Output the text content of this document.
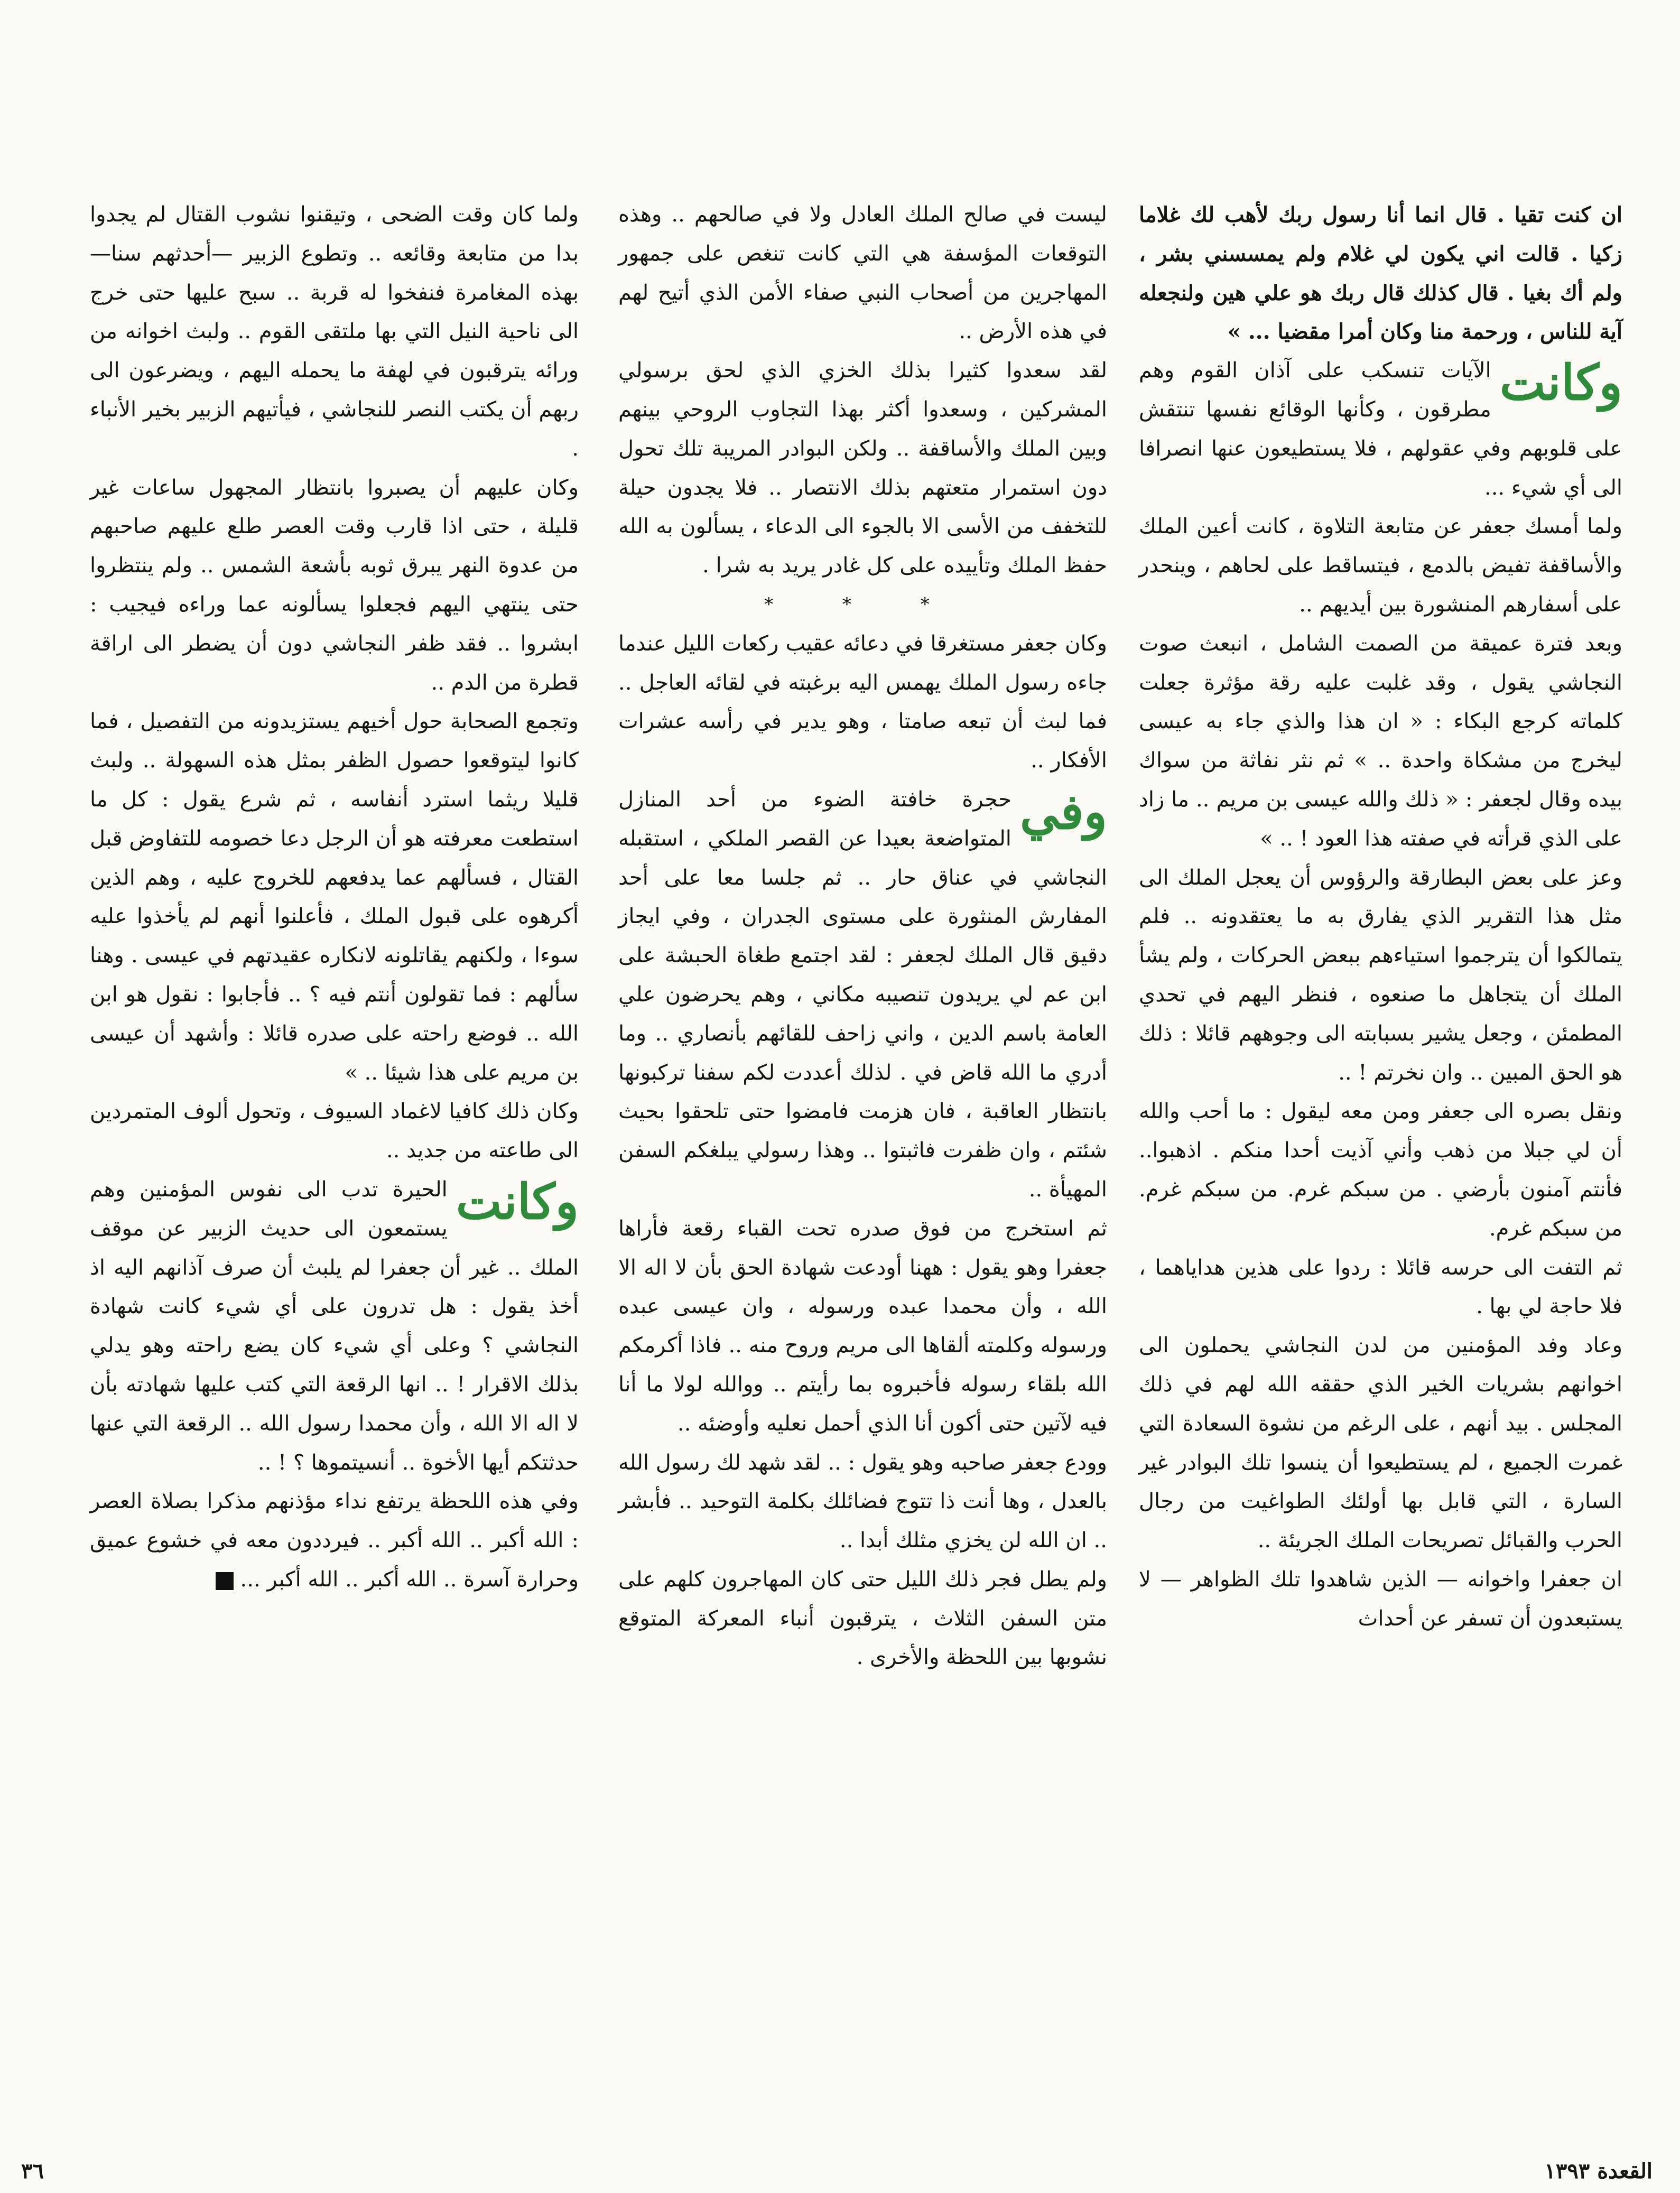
ان كنت تقيا . قال انما أنا رسول ربك لأهب لك غلاما زكيا . قالت اني يكون لي غلام ولم يمسسني بشر ، ولم أك بغيا . قال كذلك قال ربك هو علي هين ولنجعله آية للناس ، ورحمة منا وكان أمرا مقضيا ... »

وكانت
الآيات تنسكب على آذان القوم وهم مطرقون ، وكأنها الوقائع نفسها تنتقش على قلوبهم وفي عقولهم ، فلا يستطيعون عنها انصرافا الى أي شيء ...

ولما أمسك جعفر عن متابعة التلاوة ، كانت أعين الملك والأساقفة تفيض بالدمع ، فيتساقط على لحاهم ، وينحدر على أسفارهم المنشورة بين أيديهم ..

وبعد فترة عميقة من الصمت الشامل ، انبعث صوت النجاشي يقول ، وقد غلبت عليه رقة مؤثرة جعلت كلماته كرجع البكاء : « ان هذا والذي جاء به عيسى ليخرج من مشكاة واحدة .. » ثم نثر نفاثة من سواك بيده وقال لجعفر : « ذلك والله عيسى بن مريم .. ما زاد على الذي قرأته في صفته هذا العود ! .. »

وعز على بعض البطارقة والرؤوس أن يعجل الملك الى مثل هذا التقرير الذي يفارق به ما يعتقدونه .. فلم يتمالكوا أن يترجموا استياءهم ببعض الحركات ، ولم يشأ الملك أن يتجاهل ما صنعوه ، فنظر اليهم في تحدي المطمئن ، وجعل يشير بسبابته الى وجوههم قائلا : ذلك هو الحق المبين .. وان نخرتم ! ..

ونقل بصره الى جعفر ومن معه ليقول : ما أحب والله أن لي جبلا من ذهب وأني آذيت أحدا منكم . اذهبوا.. فأنتم آمنون بأرضي . من سبكم غرم. من سبكم غرم. من سبكم غرم.

ثم التفت الى حرسه قائلا : ردوا على هذين هداياهما ، فلا حاجة لي بها .

وعاد وفد المؤمنين من لدن النجاشي يحملون الى اخوانهم بشريات الخير الذي حققه الله لهم في ذلك المجلس . بيد أنهم ، على الرغم من نشوة السعادة التي غمرت الجميع ، لم يستطيعوا أن ينسوا تلك البوادر غير السارة ، التي قابل بها أولئك الطواغيت من رجال الحرب والقبائل تصريحات الملك الجريئة ..

ان جعفرا واخوانه — الذين شاهدوا تلك الظواهر — لا يستبعدون أن تسفر عن أحداث

ليست في صالح الملك العادل ولا في صالحهم .. وهذه التوقعات المؤسفة هي التي كانت تنغص على جمهور المهاجرين من أصحاب النبي صفاء الأمن الذي أتيح لهم في هذه الأرض ..

لقد سعدوا كثيرا بذلك الخزي الذي لحق برسولي المشركين ، وسعدوا أكثر بهذا التجاوب الروحي بينهم وبين الملك والأساقفة .. ولكن البوادر المريبة تلك تحول دون استمرار متعتهم بذلك الانتصار .. فلا يجدون حيلة للتخفف من الأسى الا بالجوء الى الدعاء ، يسألون به الله حفظ الملك وتأييده على كل غادر يريد به شرا .

* * *

وكان جعفر مستغرقا في دعائه عقيب ركعات الليل عندما جاءه رسول الملك يهمس اليه برغبته في لقائه العاجل .. فما لبث أن تبعه صامتا ، وهو يدير في رأسه عشرات الأفكار ..

وفي
حجرة خافتة الضوء من أحد المنازل المتواضعة بعيدا عن القصر الملكي ، استقبله النجاشي في عناق حار .. ثم جلسا معا على أحد المفارش المنثورة على مستوى الجدران ، وفي ايجاز دقيق قال الملك لجعفر : لقد اجتمع طغاة الحبشة على ابن عم لي يريدون تنصيبه مكاني ، وهم يحرضون علي العامة باسم الدين ، واني زاحف للقائهم بأنصاري .. وما أدري ما الله قاض في . لذلك أعددت لكم سفنا تركبونها بانتظار العاقبة ، فان هزمت فامضوا حتى تلحقوا بحيث شئتم ، وان ظفرت فاثبتوا .. وهذا رسولي يبلغكم السفن المهيأة ..

ثم استخرج من فوق صدره تحت القباء رقعة فأراها جعفرا وهو يقول : ههنا أودعت شهادة الحق بأن لا اله الا الله ، وأن محمدا عبده ورسوله ، وان عيسى عبده ورسوله وكلمته ألقاها الى مريم وروح منه .. فاذا أكرمكم الله بلقاء رسوله فأخبروه بما رأيتم .. ووالله لولا ما أنا فيه لآتين حتى أكون أنا الذي أحمل نعليه وأوضئه ..

وودع جعفر صاحبه وهو يقول : .. لقد شهد لك رسول الله بالعدل ، وها أنت ذا تتوج فضائلك بكلمة التوحيد .. فأبشر .. ان الله لن يخزي مثلك أبدا ..

ولم يطل فجر ذلك الليل حتى كان المهاجرون كلهم على متن السفن الثلاث ، يترقبون أنباء المعركة المتوقع نشوبها بين اللحظة والأخرى .

ولما كان وقت الضحى ، وتيقنوا نشوب القتال لم يجدوا بدا من متابعة وقائعه .. وتطوع الزبير —أحدثهم سنا—بهذه المغامرة فنفخوا له قربة .. سبح عليها حتى خرج الى ناحية النيل التي بها ملتقى القوم .. ولبث اخوانه من ورائه يترقبون في لهفة ما يحمله اليهم ، ويضرعون الى ربهم أن يكتب النصر للنجاشي ، فيأتيهم الزبير بخير الأنباء .

وكان عليهم أن يصبروا بانتظار المجهول ساعات غير قليلة ، حتى اذا قارب وقت العصر طلع عليهم صاحبهم من عدوة النهر يبرق ثوبه بأشعة الشمس .. ولم ينتظروا حتى ينتهي اليهم فجعلوا يسألونه عما وراءه فيجيب : ابشروا .. فقد ظفر النجاشي دون أن يضطر الى اراقة قطرة من الدم ..

وتجمع الصحابة حول أخيهم يستزيدونه من التفصيل ، فما كانوا ليتوقعوا حصول الظفر بمثل هذه السهولة .. ولبث قليلا ريثما استرد أنفاسه ، ثم شرع يقول : كل ما استطعت معرفته هو أن الرجل دعا خصومه للتفاوض قبل القتال ، فسألهم عما يدفعهم للخروج عليه ، وهم الذين أكرهوه على قبول الملك ، فأعلنوا أنهم لم يأخذوا عليه سوءا ، ولكنهم يقاتلونه لانكاره عقيدتهم في عيسى . وهنا سألهم : فما تقولون أنتم فيه ؟ .. فأجابوا : نقول هو ابن الله .. فوضع راحته على صدره قائلا : وأشهد أن عيسى بن مريم على هذا شيئا .. »

وكان ذلك كافيا لاغماد السيوف ، وتحول ألوف المتمردين الى طاعته من جديد ..

وكانت
الحيرة تدب الى نفوس المؤمنين وهم يستمعون الى حديث الزبير عن موقف الملك .. غير أن جعفرا لم يلبث أن صرف آذانهم اليه اذ أخذ يقول : هل تدرون على أي شيء كانت شهادة النجاشي ؟ وعلى أي شيء كان يضع راحته وهو يدلي بذلك الاقرار ! .. انها الرقعة التي كتب عليها شهادته بأن لا اله الا الله ، وأن محمدا رسول الله .. الرقعة التي عنها حدثتكم أيها الأخوة .. أنسيتموها ؟ ! ..

وفي هذه اللحظة يرتفع نداء مؤذنهم مذكرا بصلاة العصر : الله أكبر .. الله أكبر .. فيرددون معه في خشوع عميق وحرارة آسرة .. الله أكبر .. الله أكبر ...

القعدة ١٣٩٣
٣٦
